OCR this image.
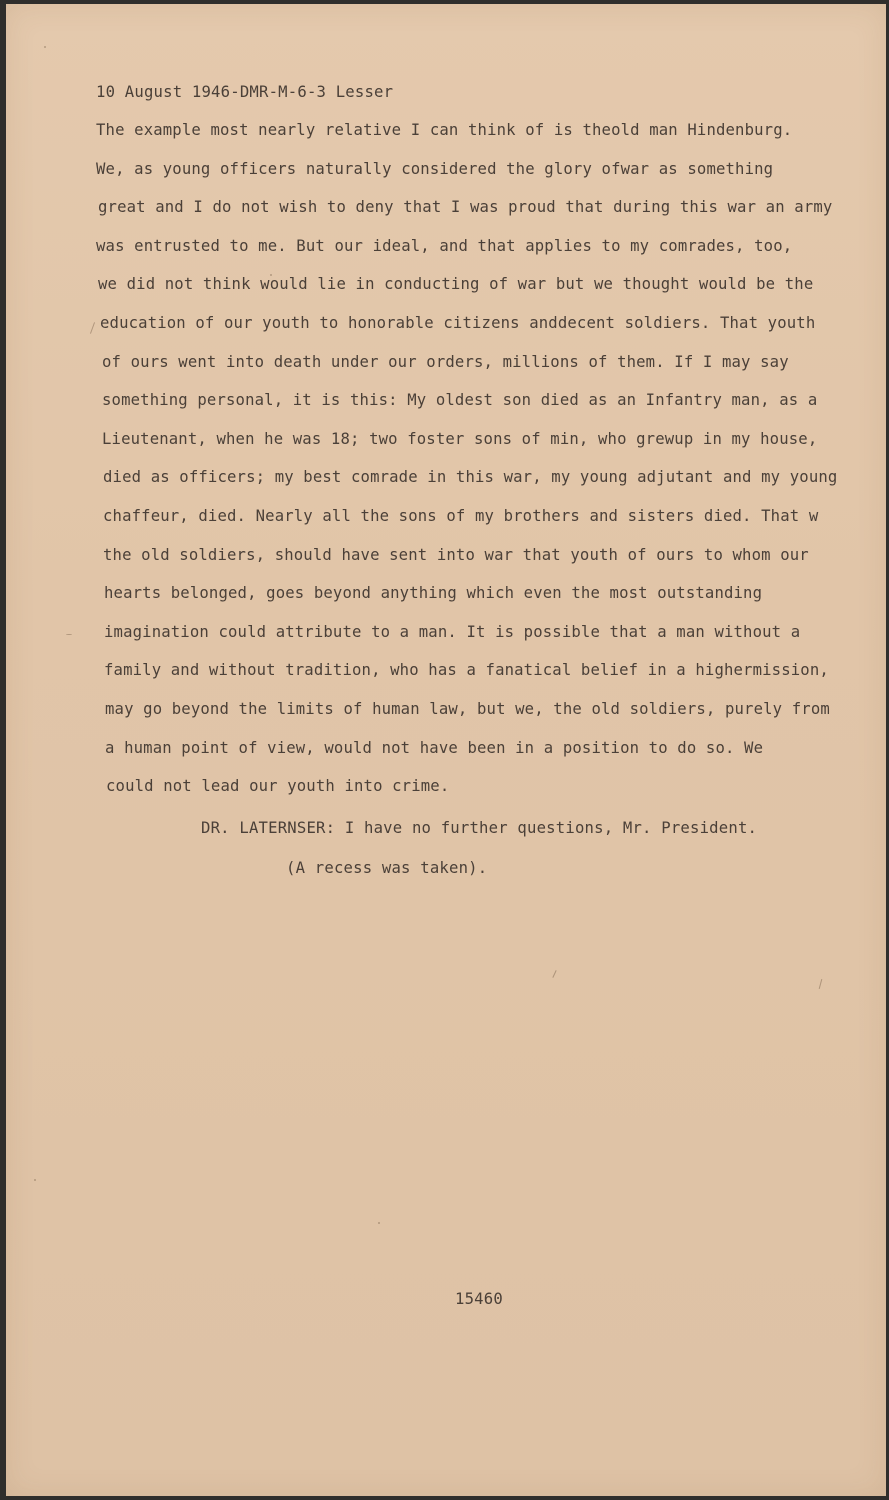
10 August 1946-DMR-M-6-3 Lesser
The example most nearly relative I can think of is theold man Hindenburg.
We, as young officers naturally considered the glory ofwar as something
great and I do not wish to deny that I was proud that during this war an army
was entrusted to me. But our ideal, and that applies to my comrades, too,
we did not think would lie in conducting of war but we thought would be the
education of our youth to honorable citizens anddecent soldiers. That youth
of ours went into death under our orders, millions of them. If I may say
something personal, it is this: My oldest son died as an Infantry man, as a
Lieutenant, when he was 18; two foster sons of min, who grewup in my house,
died as officers; my best comrade in this war, my young adjutant and my young
chaffeur, died. Nearly all the sons of my brothers and sisters died. That w
the old soldiers, should have sent into war that youth of ours to whom our
hearts belonged, goes beyond anything which even the most outstanding
imagination could attribute to a man. It is possible that a man without a
family and without tradition, who has a fanatical belief in a highermission,
may go beyond the limits of human law, but we, the old soldiers, purely from
a human point of view, would not have been in a position to do so. We
could not lead our youth into crime.
DR. LATERNSER: I have no further questions, Mr. President.
(A recess was taken).
15460
